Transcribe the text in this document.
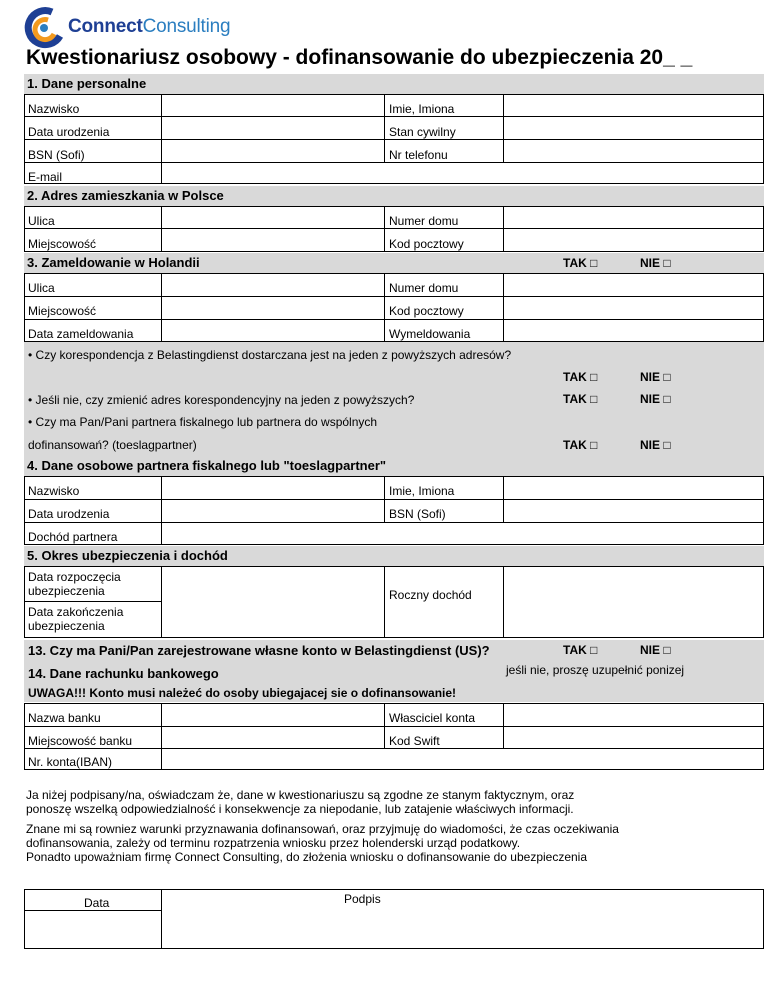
ConnectConsulting
Kwestionariusz osobowy - dofinansowanie do ubezpieczenia 20_ _
1. Dane personalne
Nazwisko	Imie, Imiona
Data urodzenia	Stan cywilny
BSN (Sofi)	Nr telefonu
E-mail
2. Adres zamieszkania w Polsce
Ulica	Numer domu
Miejscowość	Kod pocztowy
3. Zameldowanie w Holandii	TAK □	NIE □
Ulica	Numer domu
Miejscowość	Kod pocztowy
Data zameldowania	Wymeldowania
• Czy korespondencja z Belastingdienst dostarczana jest na jeden z powyższych adresów?
TAK □	NIE □
• Jeśli nie, czy zmienić adres korespondencyjny na jeden z powyższych?	TAK □	NIE □
• Czy ma Pan/Pani partnera fiskalnego lub partnera do wspólnych
dofinansowań? (toeslagpartner)	TAK □	NIE □
4. Dane osobowe partnera fiskalnego lub "toeslagpartner"
Nazwisko	Imie, Imiona
Data urodzenia	BSN (Sofi)
Dochód partnera
5. Okres ubezpieczenia i dochód
Data rozpoczęcia
ubezpieczenia
Data zakończenia
ubezpieczenia
Roczny dochód
13. Czy ma Pani/Pan zarejestrowane własne konto w Belastingdienst (US)?	TAK □	NIE □
14. Dane rachunku bankowego	jeśli nie, proszę uzupełnić ponizej
UWAGA!!! Konto musi należeć do osoby ubiegajacej sie o dofinansowanie!
Nazwa banku	Własciciel konta
Miejscowość banku	Kod Swift
Nr. konta(IBAN)
Ja niżej podpisany/na, oświadczam że, dane w kwestionariuszu są zgodne ze stanym faktycznym, oraz
ponoszę wszelką odpowiedzialność i konsekwencje za niepodanie, lub zatajenie właściwych informacji.
Znane mi są rowniez warunki przyznawania dofinansowań, oraz przyjmuję do wiadomości, że czas oczekiwania
dofinansowania, zależy od terminu rozpatrzenia wniosku przez holenderski urząd podatkowy.
Ponadto upoważniam firmę Connect Consulting, do złożenia wniosku o dofinansowanie do ubezpieczenia
Data	Podpis
